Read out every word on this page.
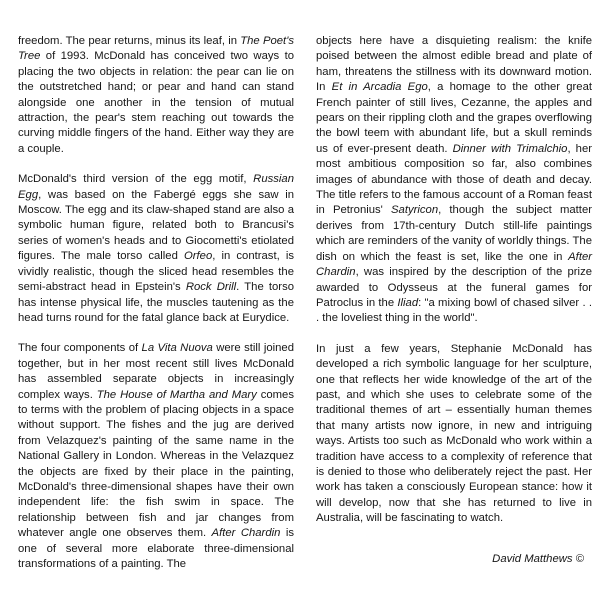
freedom. The pear returns, minus its leaf, in The Poet's Tree of 1993. McDonald has conceived two ways to placing the two objects in relation: the pear can lie on the outstretched hand; or pear and hand can stand alongside one another in the tension of mutual attraction, the pear's stem reaching out towards the curving middle fingers of the hand. Either way they are a couple.

McDonald's third version of the egg motif, Russian Egg, was based on the Fabergé eggs she saw in Moscow. The egg and its claw-shaped stand are also a symbolic human figure, related both to Brancusi's series of women's heads and to Giocometti's etiolated figures. The male torso called Orfeo, in contrast, is vividly realistic, though the sliced head resembles the semi-abstract head in Epstein's Rock Drill. The torso has intense physical life, the muscles tautening as the head turns round for the fatal glance back at Eurydice.

The four components of La Vita Nuova were still joined together, but in her most recent still lives McDonald has assembled separate objects in increasingly complex ways. The House of Martha and Mary comes to terms with the problem of placing objects in a space without support. The fishes and the jug are derived from Velazquez's painting of the same name in the National Gallery in London. Whereas in the Velazquez the objects are fixed by their place in the painting, McDonald's three-dimensional shapes have their own independent life: the fish swim in space. The relationship between fish and jar changes from whatever angle one observes them. After Chardin is one of several more elaborate three-dimensional transformations of a painting. The

objects here have a disquieting realism: the knife poised between the almost edible bread and plate of ham, threatens the stillness with its downward motion. In Et in Arcadia Ego, a homage to the other great French painter of still lives, Cezanne, the apples and pears on their rippling cloth and the grapes overflowing the bowl teem with abundant life, but a skull reminds us of ever-present death. Dinner with Trimalchio, her most ambitious composition so far, also combines images of abundance with those of death and decay. The title refers to the famous account of a Roman feast in Petronius' Satyricon, though the subject matter derives from 17th-century Dutch still-life paintings which are reminders of the vanity of worldly things. The dish on which the feast is set, like the one in After Chardin, was inspired by the description of the prize awarded to Odysseus at the funeral games for Patroclus in the Iliad: "a mixing bowl of chased silver . . . the loveliest thing in the world".

In just a few years, Stephanie McDonald has developed a rich symbolic language for her sculpture, one that reflects her wide knowledge of the art of the past, and which she uses to celebrate some of the traditional themes of art – essentially human themes that many artists now ignore, in new and intriguing ways. Artists too such as McDonald who work within a tradition have access to a complexity of reference that is denied to those who deliberately reject the past. Her work has taken a consciously European stance: how it will develop, now that she has returned to live in Australia, will be fascinating to watch.

David Matthews ©
